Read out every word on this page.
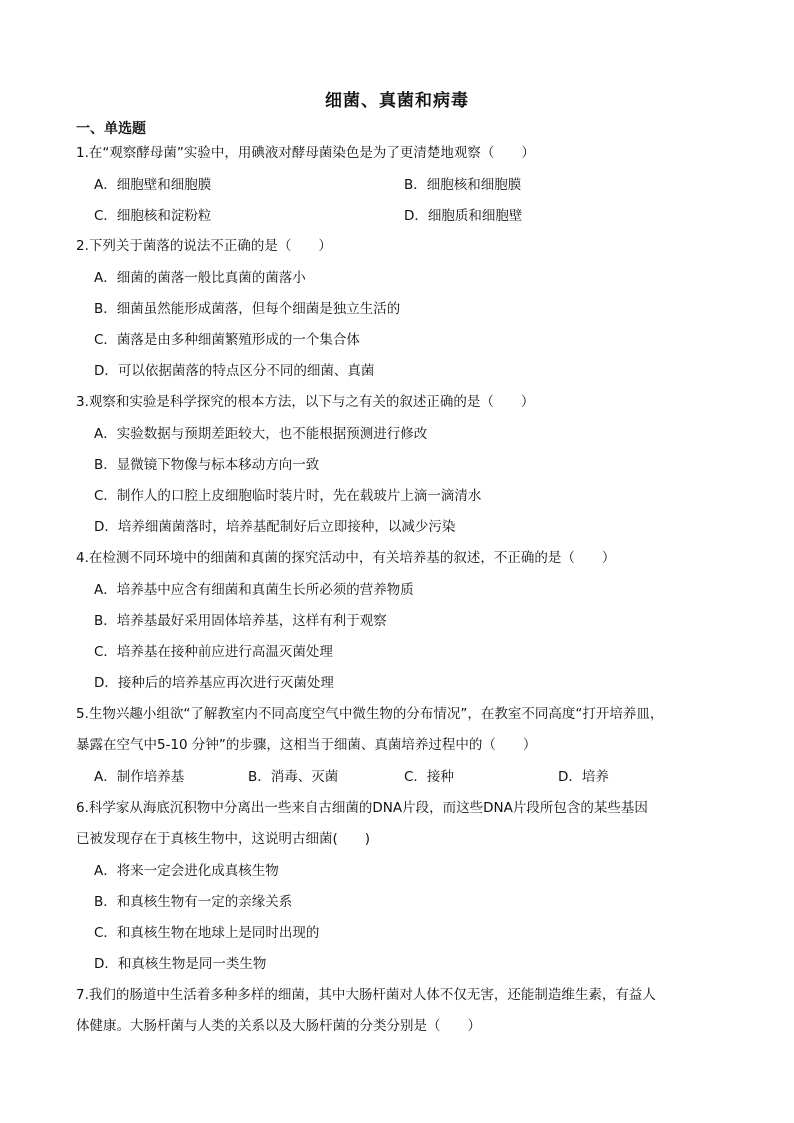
细菌、真菌和病毒
一、单选题
1.在“观察酵母菌”实验中，用碘液对酵母菌染色是为了更清楚地观察（　　）
A．细胞壁和细胞膜	B．细胞核和细胞膜
C．细胞核和淀粉粒	D．细胞质和细胞壁
2.下列关于菌落的说法不正确的是（　　）
A．细菌的菌落一般比真菌的菌落小
B．细菌虽然能形成菌落，但每个细菌是独立生活的
C．菌落是由多种细菌繁殖形成的一个集合体
D．可以依据菌落的特点区分不同的细菌、真菌
3.观察和实验是科学探究的根本方法，以下与之有关的叙述正确的是（　　）
A．实验数据与预期差距较大，也不能根据预测进行修改
B．显微镜下物像与标本移动方向一致
C．制作人的口腔上皮细胞临时装片时，先在载玻片上滴一滴清水
D．培养细菌菌落时，培养基配制好后立即接种，以减少污染
4.在检测不同环境中的细菌和真菌的探究活动中，有关培养基的叙述，不正确的是（　　）
A．培养基中应含有细菌和真菌生长所必须的营养物质
B．培养基最好采用固体培养基，这样有利于观察
C．培养基在接种前应进行高温灭菌处理
D．接种后的培养基应再次进行灭菌处理
5.生物兴趣小组欲“了解教室内不同高度空气中微生物的分布情况”，在教室不同高度“打开培养皿，
暴露在空气中5-10 分钟”的步骤，这相当于细菌、真菌培养过程中的（　　）
A．制作培养基	B．消毒、灭菌	C．接种	D．培养
6.科学家从海底沉积物中分离出一些来自古细菌的DNA片段，而这些DNA片段所包含的某些基因
已被发现存在于真核生物中，这说明古细菌(　　)
A．将来一定会进化成真核生物
B．和真核生物有一定的亲缘关系
C．和真核生物在地球上是同时出现的
D．和真核生物是同一类生物
7.我们的肠道中生活着多种多样的细菌，其中大肠杆菌对人体不仅无害，还能制造维生素，有益人
体健康。大肠杆菌与人类的关系以及大肠杆菌的分类分别是（　　）
